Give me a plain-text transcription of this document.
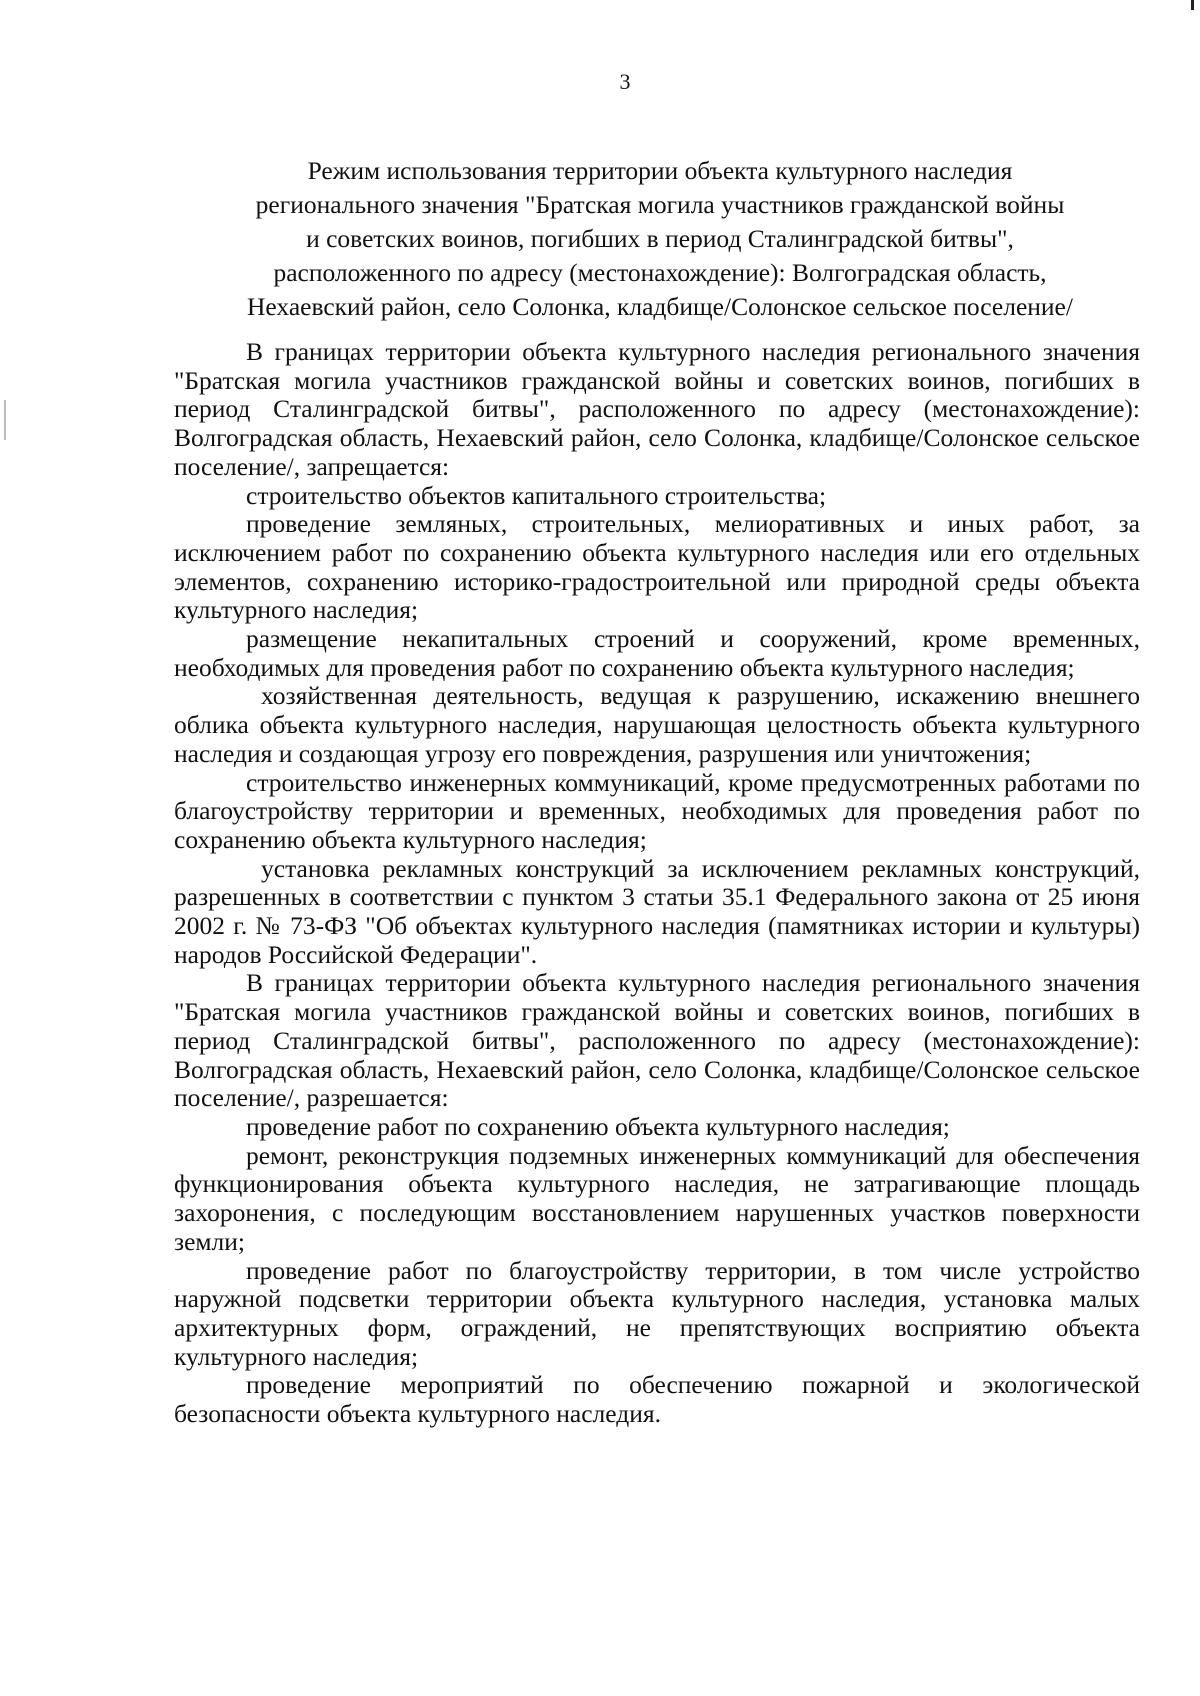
3
Режим использования территории объекта культурного наследия
регионального значения "Братская могила участников гражданской войны
и советских воинов, погибших в период Сталинградской битвы",
расположенного по адресу (местонахождение): Волгоградская область,
Нехаевский район, село Солонка, кладбище/Солонское сельское поселение/

В границах территории объекта культурного наследия регионального значения "Братская могила участников гражданской войны и советских воинов, погибших в период Сталинградской битвы", расположенного по адресу (местонахождение): Волгоградская область, Нехаевский район, село Солонка, кладбище/Солонское сельское поселение/, запрещается:

строительство объектов капитального строительства;

проведение земляных, строительных, мелиоративных и иных работ, за исключением работ по сохранению объекта культурного наследия или его отдельных элементов, сохранению историко-градостроительной или природной среды объекта культурного наследия;

размещение некапитальных строений и сооружений, кроме временных, необходимых для проведения работ по сохранению объекта культурного наследия;

хозяйственная деятельность, ведущая к разрушению, искажению внешнего облика объекта культурного наследия, нарушающая целостность объекта культурного наследия и создающая угрозу его повреждения, разрушения или уничтожения;

строительство инженерных коммуникаций, кроме предусмотренных работами по благоустройству территории и временных, необходимых для проведения работ по сохранению объекта культурного наследия;

установка рекламных конструкций за исключением рекламных конструкций, разрешенных в соответствии с пунктом 3 статьи 35.1 Федерального закона от 25 июня 2002 г. № 73-ФЗ "Об объектах культурного наследия (памятниках истории и культуры) народов Российской Федерации".

В границах территории объекта культурного наследия регионального значения "Братская могила участников гражданской войны и советских воинов, погибших в период Сталинградской битвы", расположенного по адресу (местонахождение): Волгоградская область, Нехаевский район, село Солонка, кладбище/Солонское сельское поселение/, разрешается:

проведение работ по сохранению объекта культурного наследия;

ремонт, реконструкция подземных инженерных коммуникаций для обеспечения функционирования объекта культурного наследия, не затрагивающие площадь захоронения, с последующим восстановлением нарушенных участков поверхности земли;

проведение работ по благоустройству территории, в том числе устройство наружной подсветки территории объекта культурного наследия, установка малых архитектурных форм, ограждений, не препятствующих восприятию объекта культурного наследия;

проведение мероприятий по обеспечению пожарной и экологической безопасности объекта культурного наследия.
